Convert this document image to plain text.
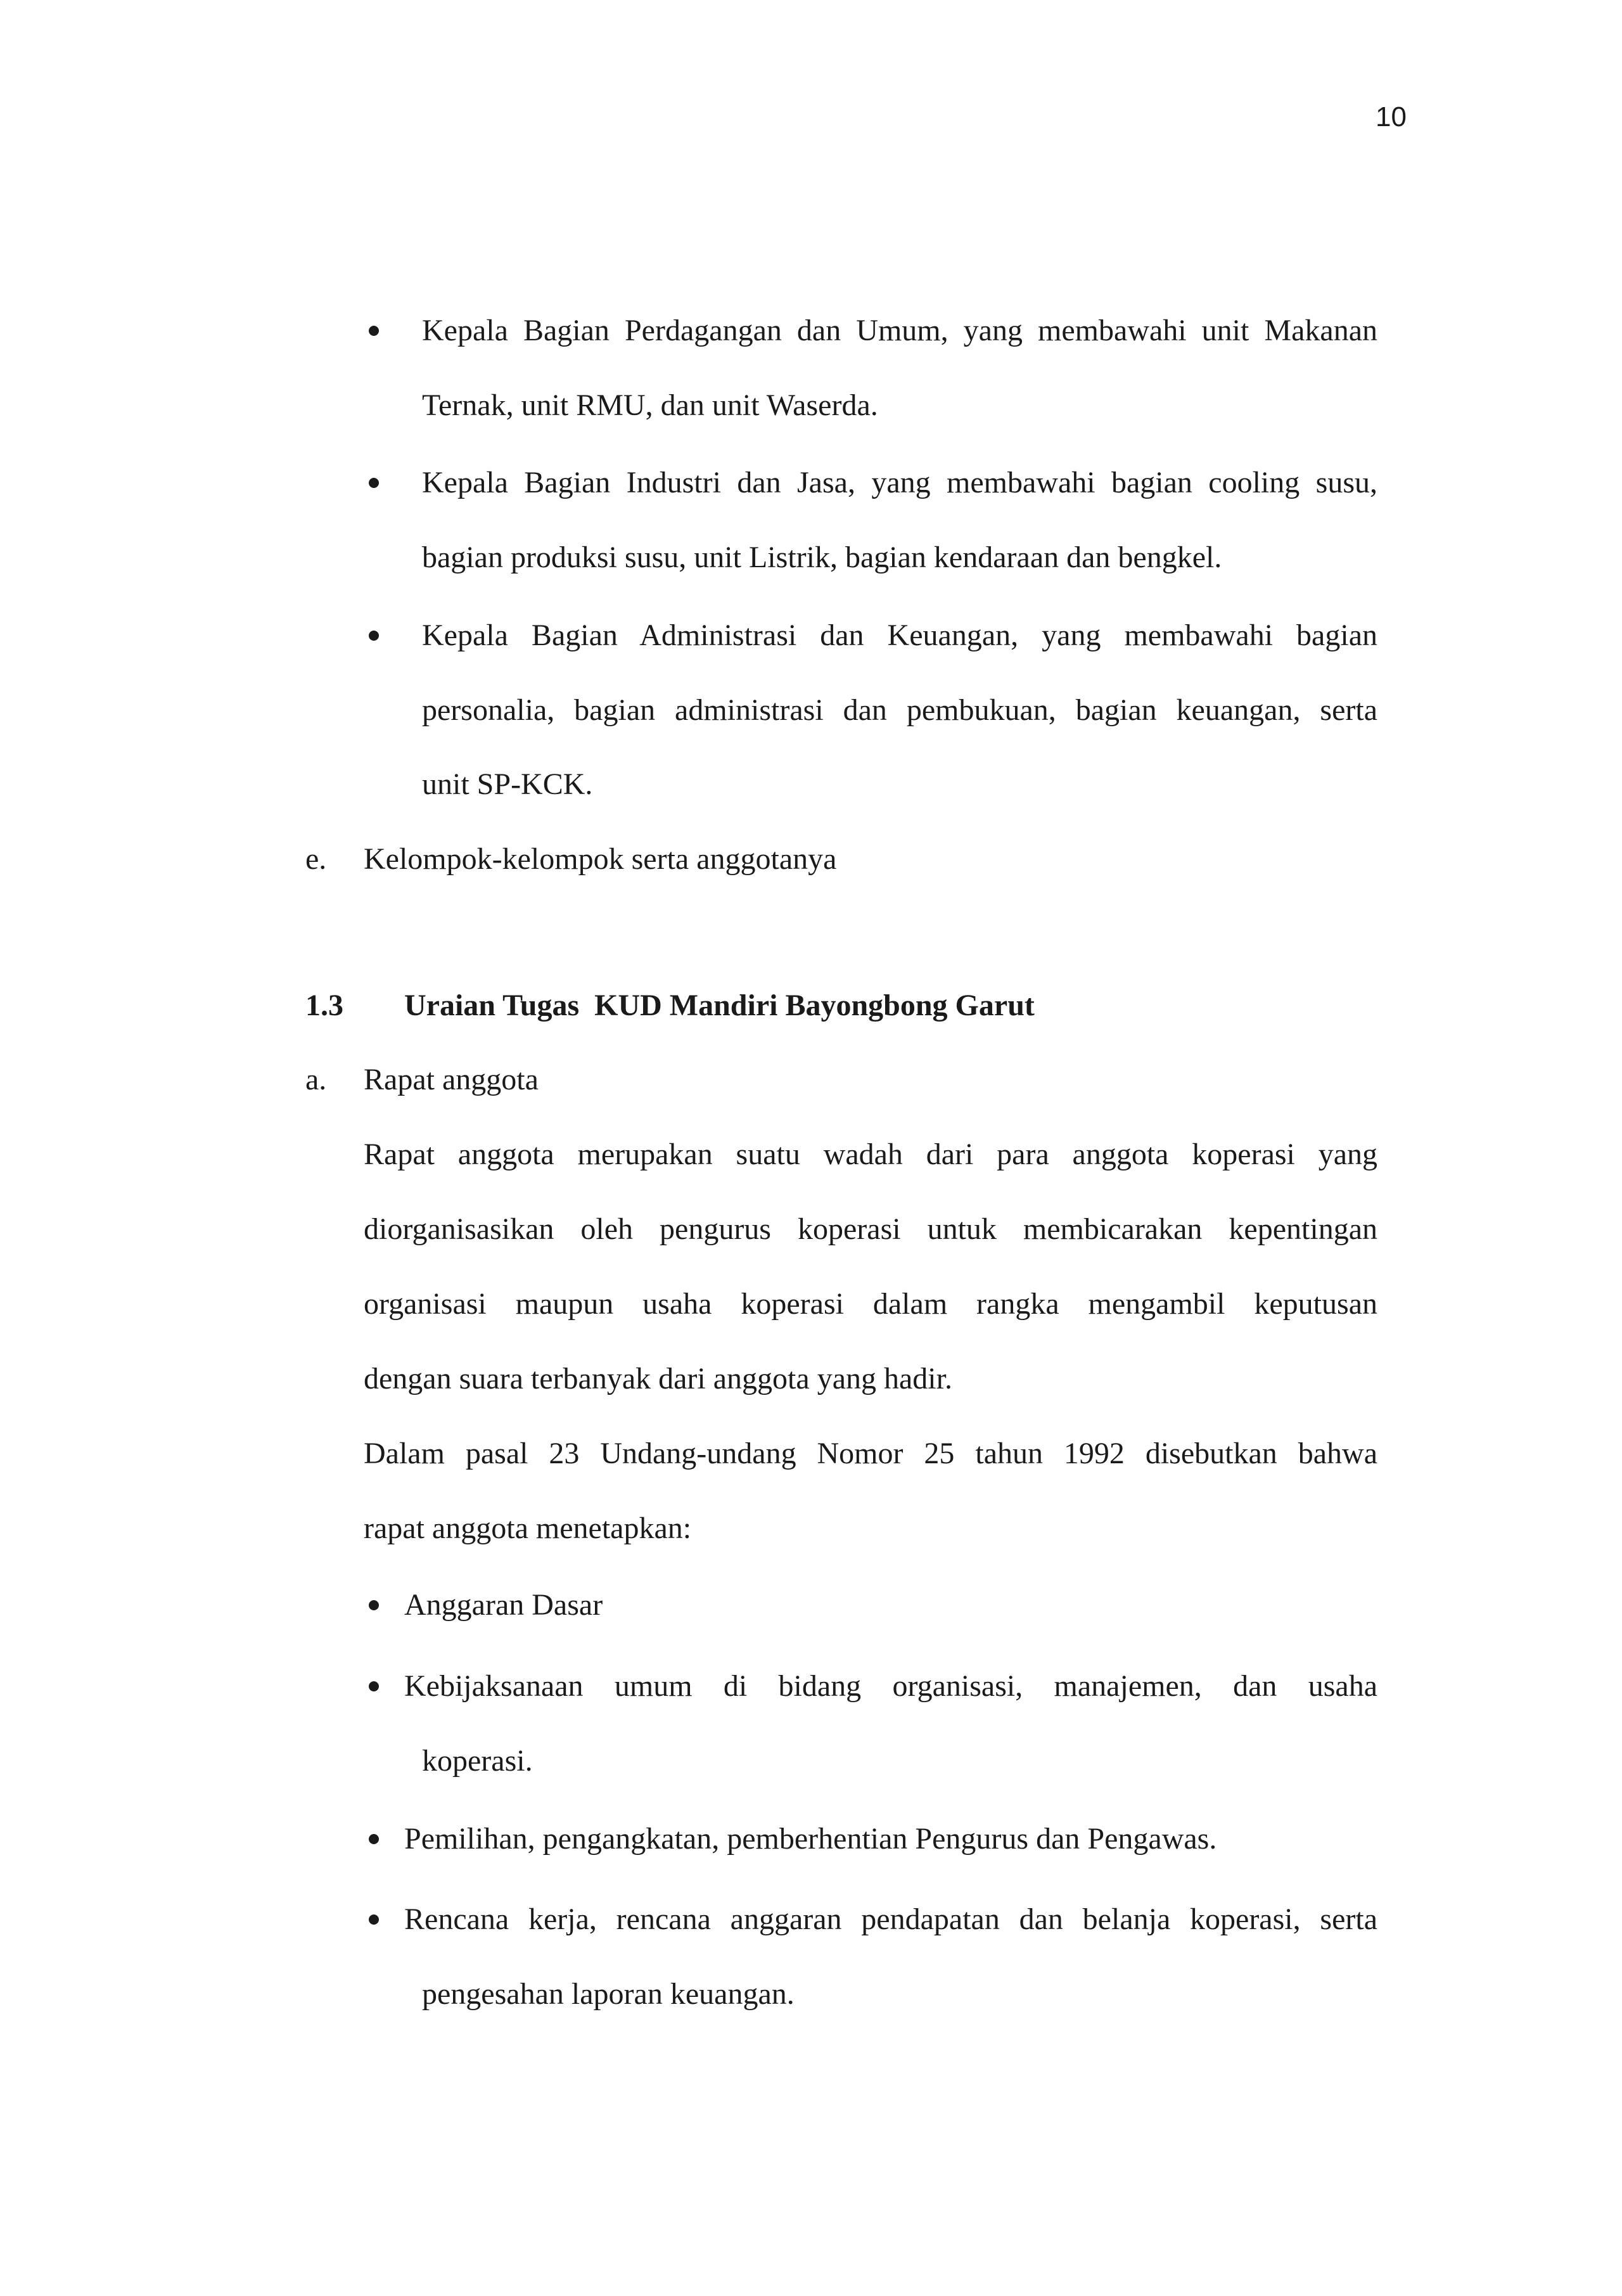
10
Kepala Bagian Perdagangan dan Umum, yang membawahi unit Makanan
Ternak, unit RMU, dan unit Waserda.
Kepala Bagian Industri dan Jasa, yang membawahi bagian cooling susu,
bagian produksi susu, unit Listrik, bagian kendaraan dan bengkel.
Kepala Bagian Administrasi dan Keuangan, yang membawahi bagian
personalia, bagian administrasi dan pembukuan, bagian keuangan, serta
unit SP-KCK.
e. Kelompok-kelompok serta anggotanya
1.3 Uraian Tugas  KUD Mandiri Bayongbong Garut
a. Rapat anggota
Rapat anggota merupakan suatu wadah dari para anggota koperasi yang
diorganisasikan oleh pengurus koperasi untuk membicarakan kepentingan
organisasi maupun usaha koperasi dalam rangka mengambil keputusan
dengan suara terbanyak dari anggota yang hadir.
Dalam pasal 23 Undang-undang Nomor 25 tahun 1992 disebutkan bahwa
rapat anggota menetapkan:
Anggaran Dasar
Kebijaksanaan umum di bidang organisasi, manajemen, dan usaha
koperasi.
Pemilihan, pengangkatan, pemberhentian Pengurus dan Pengawas.
Rencana kerja, rencana anggaran pendapatan dan belanja koperasi, serta
pengesahan laporan keuangan.
